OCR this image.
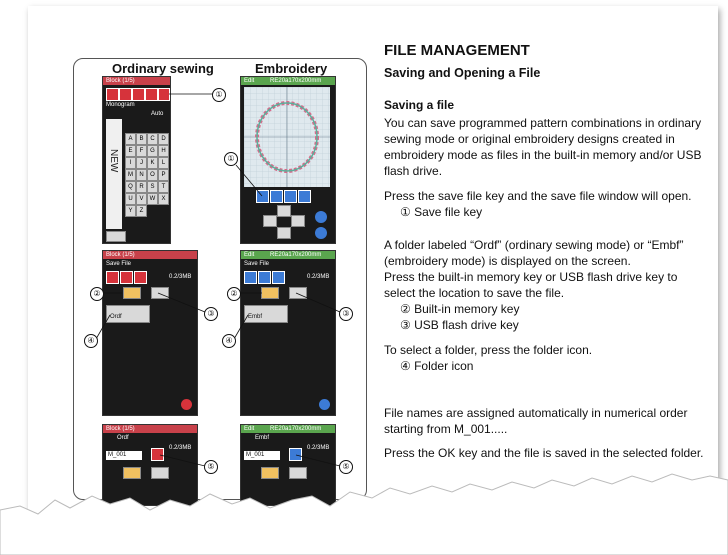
Ordinary sewing	Embroidery
Block (1/5)
Monogram
Auto
NEW
A	B	C	D
E	F	G	H
I	J	K	L
M	N	O	P
Q	R	S	T
U	V	W	X
Y	Z
Edit	RE20a170x200mm
Block (1/5)
Save File
0.2/3MB
Ordf
Edit	RE20a170x200mm
Save File
0.2/3MB
Embf
Block (1/5)
Ordf
0.2/3MB
M_001
Edit	RE20a170x200mm
Embf
0.2/3MB
M_001
①
①
②
③
④
②
③
④
⑤	⑤
FILE MANAGEMENT
Saving and Opening a File
Saving a file
You can save programmed pattern combinations in ordinary sewing mode or original embroidery designs created in embroidery mode as files in the built-in memory and/or USB flash drive.
Press the save file key and the save file window will open.
① Save file key
A folder labeled “Ordf” (ordinary sewing mode) or “Embf” (embroidery mode) is displayed on the screen.
Press the built-in memory key or USB flash drive key to select the location to save the file.
② Built-in memory key
③ USB flash drive key
To select a folder, press the folder icon.
④ Folder icon
File names are assigned automatically in numerical order starting from M_001.....
Press the OK key and the file is saved in the selected folder.
